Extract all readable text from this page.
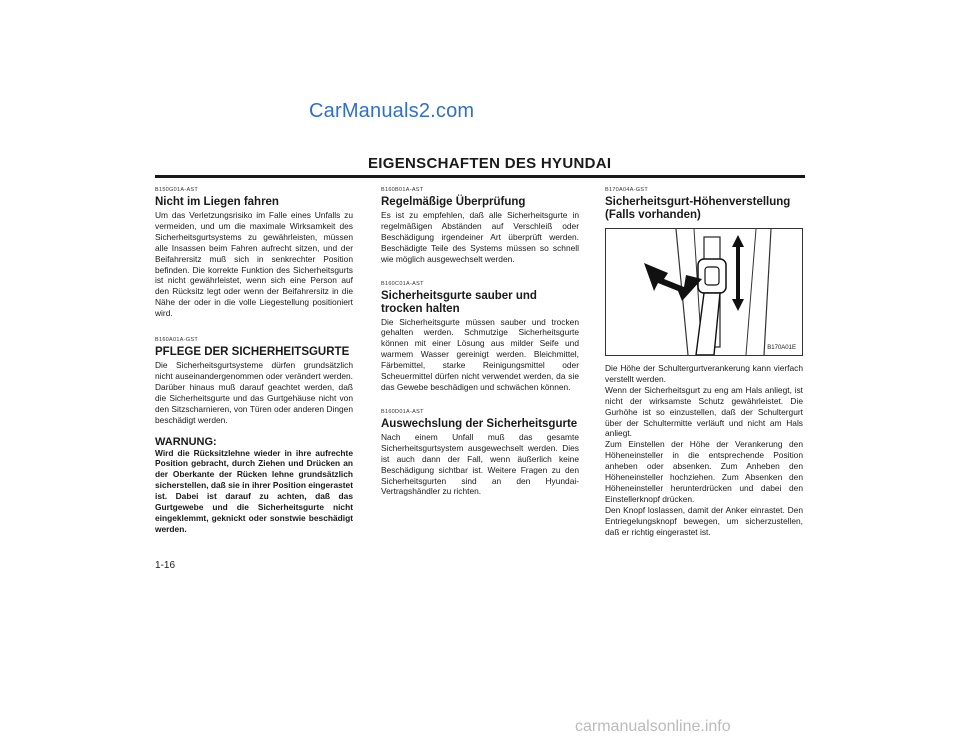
CarManuals2.com
EIGENSCHAFTEN DES HYUNDAI
B150G01A-AST
Nicht im Liegen fahren
Um das Verletzungsrisiko im Falle eines Unfalls zu vermeiden, und um die maximale Wirksamkeit des Sicherheitsgurtsystems zu gewährleisten, müssen alle Insassen beim Fahren aufrecht sitzen, und der Beifahrersitz muß sich in senkrechter Position befinden. Die korrekte Funktion des Sicherheitsgurts ist nicht gewährleistet, wenn sich eine Person auf den Rücksitz legt oder wenn der Beifahrersitz in die Nähe der oder in die volle Liegestellung positioniert wird.
B160A01A-GST
PFLEGE DER SICHERHEITSGURTE
Die Sicherheitsgurtsysteme dürfen grundsätzlich nicht auseinandergenommen oder verändert werden. Darüber hinaus muß darauf geachtet werden, daß die Sicherheitsgurte und das Gurtgehäuse nicht von den Sitzscharnieren, von Türen oder anderen Dingen beschädigt werden.
WARNUNG:
Wird die Rücksitzlehne wieder in ihre aufrechte Position gebracht, durch Ziehen und Drücken an der Oberkante der Rücken lehne grundsätzlich sicherstellen, daß sie in ihrer Position eingerastet ist. Dabei ist darauf zu achten, daß das Gurtgewebe und die Sicherheitsgurte nicht eingeklemmt, geknickt oder sonstwie beschädigt werden.
B160B01A-AST
Regelmäßige Überprüfung
Es ist zu empfehlen, daß alle Sicherheitsgurte in regelmäßigen Abständen auf Verschleiß oder Beschädigung irgendeiner Art überprüft werden. Beschädigte Teile des Systems müssen so schnell wie möglich ausgewechselt werden.
B160C01A-AST
Sicherheitsgurte sauber und trocken halten
Die Sicherheitsgurte müssen sauber und trocken gehalten werden. Schmutzige Sicherheitsgurte können mit einer Lösung aus milder Seife und warmem Wasser gereinigt werden. Bleichmittel, Färbemittel, starke Reinigungsmittel oder Scheuermittel dürfen nicht verwendet werden, da sie das Gewebe beschädigen und schwächen können.
B160D01A-AST
Auswechslung der Sicherheitsgurte
Nach einem Unfall muß das gesamte Sicherheitsgurtsystem ausgewechselt werden. Dies ist auch dann der Fall, wenn äußerlich keine Beschädigung sichtbar ist. Weitere Fragen zu den Sicherheitsgurten sind an den Hyundai-Vertragshändler zu richten.
B170A04A-GST
Sicherheitsgurt-Höhenverstellung (Falls vorhanden)
B170A01E
Die Höhe der Schultergurtverankerung kann vierfach verstellt werden.
Wenn der Sicherheitsgurt zu eng am Hals anliegt, ist nicht der wirksamste Schutz gewährleistet. Die Gurhöhe ist so einzustellen, daß der Schultergurt über der Schultermitte verläuft und nicht am Hals anliegt.
Zum Einstellen der Höhe der Verankerung den Höheneinsteller in die entsprechende Position anheben oder absenken. Zum Anheben den Höheneinsteller hochziehen. Zum Absenken den Höheneinsteller herunterdrücken und dabei den Einstellerknopf drücken.
Den Knopf loslassen, damit der Anker einrastet. Den Entriegelungsknopf bewegen, um sicherzustellen, daß er richtig eingerastet ist.
1-16
carmanualsonline.info
